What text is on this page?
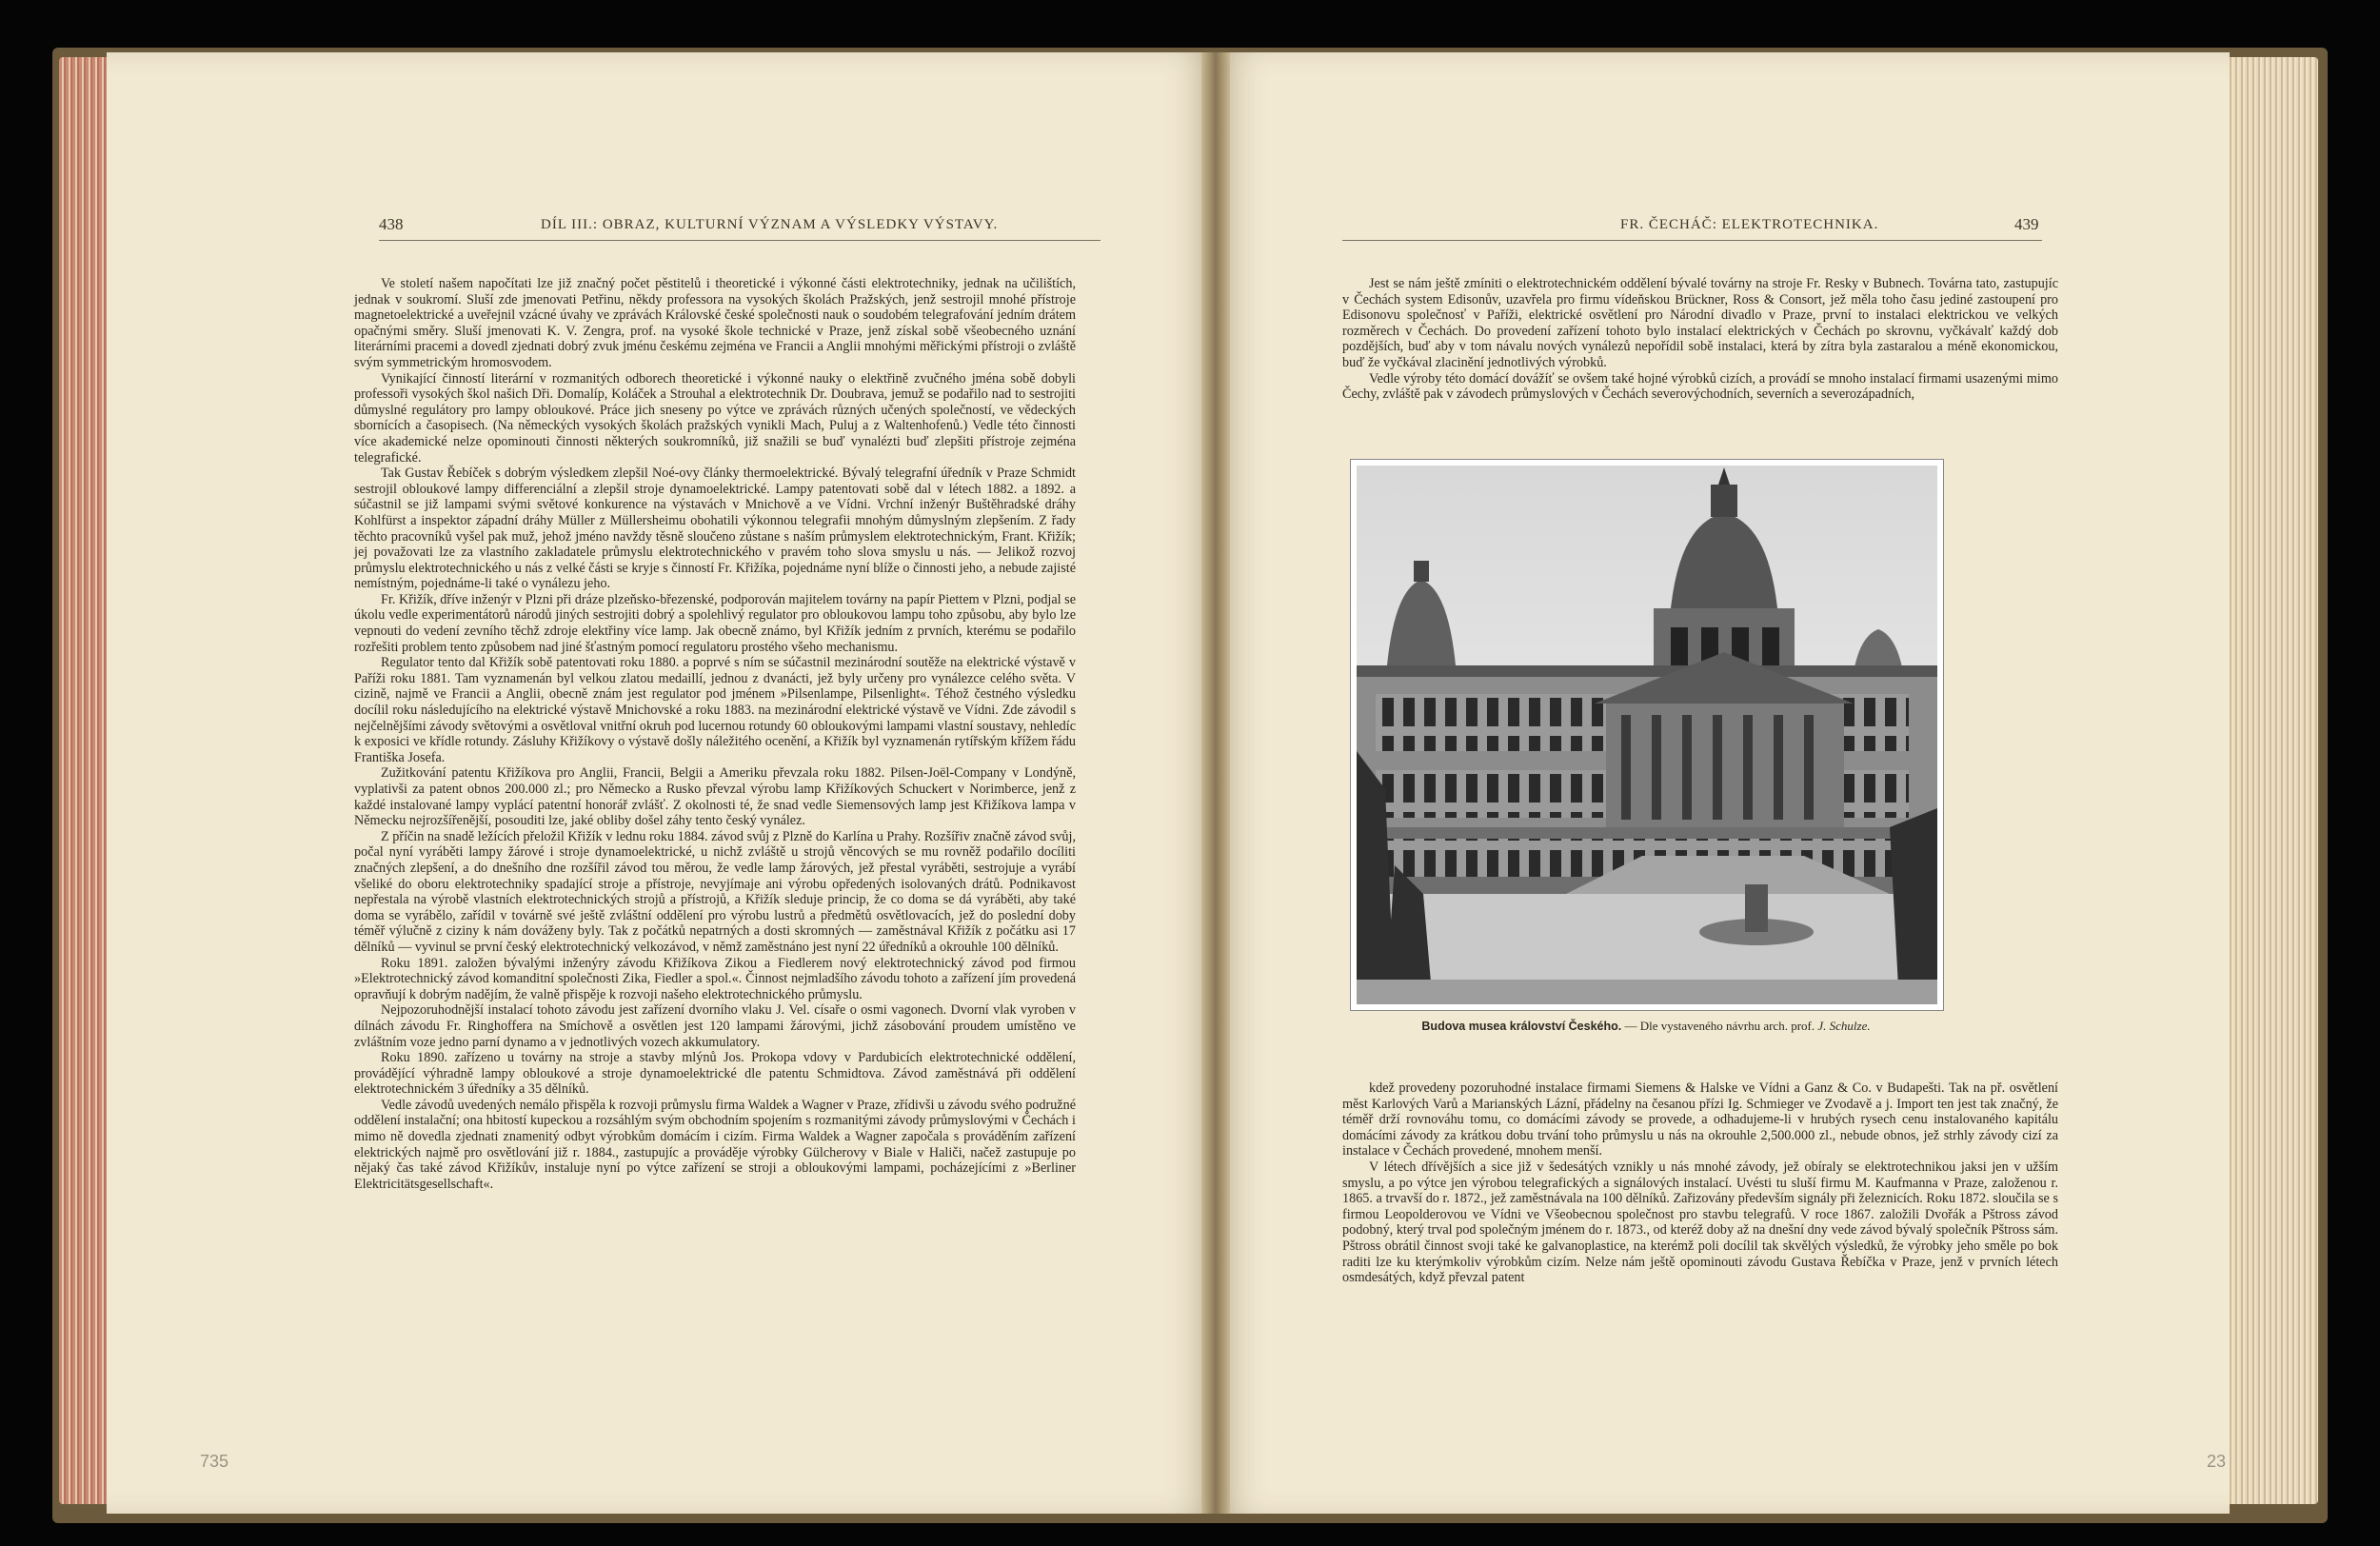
438	DÍL III.: OBRAZ, KULTURNÍ VÝZNAM A VÝSLEDKY VÝSTAVY.

Ve století našem napočítati lze již značný počet pěstitelů i theoretické i výkonné části elektrotechniky, jednak na učilištích, jednak v soukromí. Sluší zde jmenovati Petřinu, někdy professora na vysokých školách Pražských, jenž sestrojil mnohé přístroje magnetoelektrické a uveřejnil vzácné úvahy ve zprávách Královské české společnosti nauk o soudobém telegrafování jedním drátem opačnými směry. Sluší jmenovati K. V. Zengra, prof. na vysoké škole technické v Praze, jenž získal sobě všeobecného uznání literárními pracemi a dovedl zjednati dobrý zvuk jménu českému zejména ve Francii a Anglii mnohými měřickými přístroji o zvláště svým symmetrickým hromosvodem.

Vynikající činností literární v rozmanitých odborech theoretické i výkonné nauky o elektřině zvučného jména sobě dobyli professoři vysokých škol našich Dři. Domalíp, Koláček a Strouhal a elektrotechnik Dr. Doubrava, jemuž se podařilo nad to sestrojiti důmyslné regulátory pro lampy obloukové. Práce jich sneseny po výtce ve zprávách různých učených společností, ve vědeckých sbornících a časopisech. (Na německých vysokých školách pražských vynikli Mach, Puluj a z Waltenhofenů.) Vedle této činnosti více akademické nelze opominouti činnosti některých soukromníků, již snažili se buď vynalézti buď zlepšiti přístroje zejména telegrafické.

Tak Gustav Řebíček s dobrým výsledkem zlepšil Noé-ovy články thermoelektrické. Bývalý telegrafní úředník v Praze Schmidt sestrojil obloukové lampy differenciální a zlepšil stroje dynamoelektrické. Lampy patentovati sobě dal v létech 1882. a 1892. a súčastnil se již lampami svými světové konkurence na výstavách v Mnichově a ve Vídni. Vrchní inženýr Buštěhradské dráhy Kohlfürst a inspektor západní dráhy Müller z Müllersheimu obohatili výkonnou telegrafii mnohým důmyslným zlepšením. Z řady těchto pracovníků vyšel pak muž, jehož jméno navždy těsně sloučeno zůstane s naším průmyslem elektrotechnickým, Frant. Křižík; jej považovati lze za vlastního zakladatele průmyslu elektrotechnického v pravém toho slova smyslu u nás. — Jelikož rozvoj průmyslu elektrotechnického u nás z velké části se kryje s činností Fr. Křižíka, pojednáme nyní blíže o činnosti jeho, a nebude zajisté nemístným, pojednáme-li také o vynálezu jeho.

Fr. Křižík, dříve inženýr v Plzni při dráze plzeňsko-březenské, podporován majitelem továrny na papír Piettem v Plzni, podjal se úkolu vedle experimentátorů národů jiných sestrojiti dobrý a spolehlivý regulator pro obloukovou lampu toho způsobu, aby bylo lze vepnouti do vedení zevního těchž zdroje elektřiny více lamp. Jak obecně známo, byl Křižík jedním z prvních, kterému se podařilo rozřešiti problem tento způsobem nad jiné šťastným pomocí regulatoru prostého všeho mechanismu.

Regulator tento dal Křižík sobě patentovati roku 1880. a poprvé s ním se súčastnil mezinárodní soutěže na elektrické výstavě v Paříži roku 1881. Tam vyznamenán byl velkou zlatou medaillí, jednou z dvanácti, jež byly určeny pro vynálezce celého světa. V cizině, najmě ve Francii a Anglii, obecně znám jest regulator pod jménem »Pilsenlampe, Pilsenlight«. Téhož čestného výsledku docílil roku následujícího na elektrické výstavě Mnichovské a roku 1883. na mezinárodní elektrické výstavě ve Vídni. Zde závodil s nejčelnějšími závody světovými a osvětloval vnitřní okruh pod lucernou rotundy 60 obloukovými lampami vlastní soustavy, nehledíc k exposici ve křídle rotundy. Zásluhy Křižíkovy o výstavě došly náležitého ocenění, a Křižík byl vyznamenán rytířským křížem řádu Františka Josefa.

Zužitkování patentu Křižíkova pro Anglii, Francii, Belgii a Ameriku převzala roku 1882. Pilsen-Joël-Company v Londýně, vyplativši za patent obnos 200.000 zl.; pro Německo a Rusko převzal výrobu lamp Křižíkových Schuckert v Norimberce, jenž z každé instalované lampy vyplácí patentní honorář zvlášť. Z okolnosti té, že snad vedle Siemensových lamp jest Křižíkova lampa v Německu nejrozšířenější, posouditi lze, jaké obliby došel záhy tento český vynález.

Z příčin na snadě ležících přeložil Křižík v lednu roku 1884. závod svůj z Plzně do Karlína u Prahy. Rozšířiv značně závod svůj, počal nyní vyráběti lampy žárové i stroje dynamoelektrické, u nichž zvláště u strojů věncových se mu rovněž podařilo docíliti značných zlepšení, a do dnešního dne rozšířil závod tou měrou, že vedle lamp žárových, jež přestal vyráběti, sestrojuje a vyrábí všeliké do oboru elektrotechniky spadající stroje a přístroje, nevyjímaje ani výrobu opředených isolovaných drátů. Podnikavost nepřestala na výrobě vlastních elektrotechnických strojů a přístrojů, a Křižík sleduje princip, že co doma se dá vyráběti, aby také doma se vyrábělo, zařídil v továrně své ještě zvláštní oddělení pro výrobu lustrů a předmětů osvětlovacích, jež do poslední doby téměř výlučně z ciziny k nám dováženy byly. Tak z počátků nepatrných a dosti skromných — zaměstnával Křižík z počátku asi 17 dělníků — vyvinul se první český elektrotechnický velkozávod, v němž zaměstnáno jest nyní 22 úředníků a okrouhle 100 dělníků.

Roku 1891. založen bývalými inženýry závodu Křižíkova Zikou a Fiedlerem nový elektrotechnický závod pod firmou »Elektrotechnický závod komanditní společnosti Zika, Fiedler a spol.«. Činnost nejmladšího závodu tohoto a zařízení jím provedená opravňují k dobrým nadějím, že valně přispěje k rozvoji našeho elektrotechnického průmyslu.

Nejpozoruhodnější instalací tohoto závodu jest zařízení dvorního vlaku J. Vel. císaře o osmi vagonech. Dvorní vlak vyroben v dílnách závodu Fr. Ringhoffera na Smíchově a osvětlen jest 120 lampami žárovými, jichž zásobování proudem umístěno ve zvláštním voze jedno parní dynamo a v jednotlivých vozech akkumulatory.

Roku 1890. zařízeno u továrny na stroje a stavby mlýnů Jos. Prokopa vdovy v Pardubicích elektrotechnické oddělení, provádějící výhradně lampy obloukové a stroje dynamoelektrické dle patentu Schmidtova. Závod zaměstnává při oddělení elektrotechnickém 3 úředníky a 35 dělníků.

Vedle závodů uvedených nemálo přispěla k rozvoji průmyslu firma Waldek a Wagner v Praze, zřídivši u závodu svého podružné oddělení instalační; ona hbitostí kupeckou a rozsáhlým svým obchodním spojením s rozmanitými závody průmyslovými v Čechách i mimo ně dovedla zjednati znamenitý odbyt výrobkům domácím i cizím. Firma Waldek a Wagner započala s prováděním zařízení elektrických najmě pro osvětlování již r. 1884., zastupujíc a prováděje výrobky Gülcherovy v Biale v Haliči, načež zastupuje po nějaký čas také závod Křižíkův, instaluje nyní po výtce zařízení se stroji a obloukovými lampami, pocházejícími z »Berliner Elektricitätsgesellschaft«.

FR. ČECHÁČ: ELEKTROTECHNIKA.	439

Jest se nám ještě zmíniti o elektrotechnickém oddělení bývalé továrny na stroje Fr. Resky v Bubnech. Továrna tato, zastupujíc v Čechách system Edisonův, uzavřela pro firmu vídeňskou Brückner, Ross & Consort, jež měla toho času jediné zastoupení pro Edisonovu společnosť v Paříži, elektrické osvětlení pro Národní divadlo v Praze, první to instalaci elektrickou ve velkých rozměrech v Čechách. Do provedení zařízení tohoto bylo instalací elektrických v Čechách po skrovnu, vyčkávalť každý dob pozdějších, buď aby v tom návalu nových vynálezů nepořídil sobě instalaci, která by zítra byla zastaralou a méně ekonomickou, buď že vyčkával zlacinění jednotlivých výrobků.

Vedle výroby této domácí dovážíť se ovšem také hojné výrobků cizích, a provádí se mnoho instalací firmami usazenými mimo Čechy, zvláště pak v závodech průmyslových v Čechách severovýchodních, severních a severozápadních,

Budova musea království Českého. — Dle vystaveného návrhu arch. prof. J. Schulze.

kdež provedeny pozoruhodné instalace firmami Siemens & Halske ve Vídni a Ganz & Co. v Budapešti. Tak na př. osvětlení měst Karlových Varů a Marianských Lázní, přádelny na česanou přízi Ig. Schmieger ve Zvodavě a j. Import ten jest tak značný, že téměř drží rovnováhu tomu, co domácími závody se provede, a odhadujeme-li v hrubých rysech cenu instalovaného kapitálu domácími závody za krátkou dobu trvání toho průmyslu u nás na okrouhle 2,500.000 zl., nebude obnos, jež strhly závody cizí za instalace v Čechách provedené, mnohem menší.

V létech dřívějších a sice již v šedesátých vznikly u nás mnohé závody, jež obíraly se elektrotechnikou jaksi jen v užším smyslu, a po výtce jen výrobou telegrafických a signálových instalací. Uvésti tu sluší firmu M. Kaufmanna v Praze, založenou r. 1865. a trvavší do r. 1872., jež zaměstnávala na 100 dělníků. Zařizovány především signály při železnicích. Roku 1872. sloučila se s firmou Leopolderovou ve Vídni ve Všeobecnou společnost pro stavbu telegrafů. V roce 1867. založili Dvořák a Pštross závod podobný, který trval pod společným jménem do r. 1873., od kteréž doby až na dnešní dny vede závod bývalý společník Pštross sám. Pštross obrátil činnost svoji také ke galvanoplastice, na kterémž poli docílil tak skvělých výsledků, že výrobky jeho směle po bok raditi lze ku kterýmkoliv výrobkům cizím. Nelze nám ještě opominouti závodu Gustava Řebíčka v Praze, jenž v prvních létech osmdesátých, když převzal patent

735	23
